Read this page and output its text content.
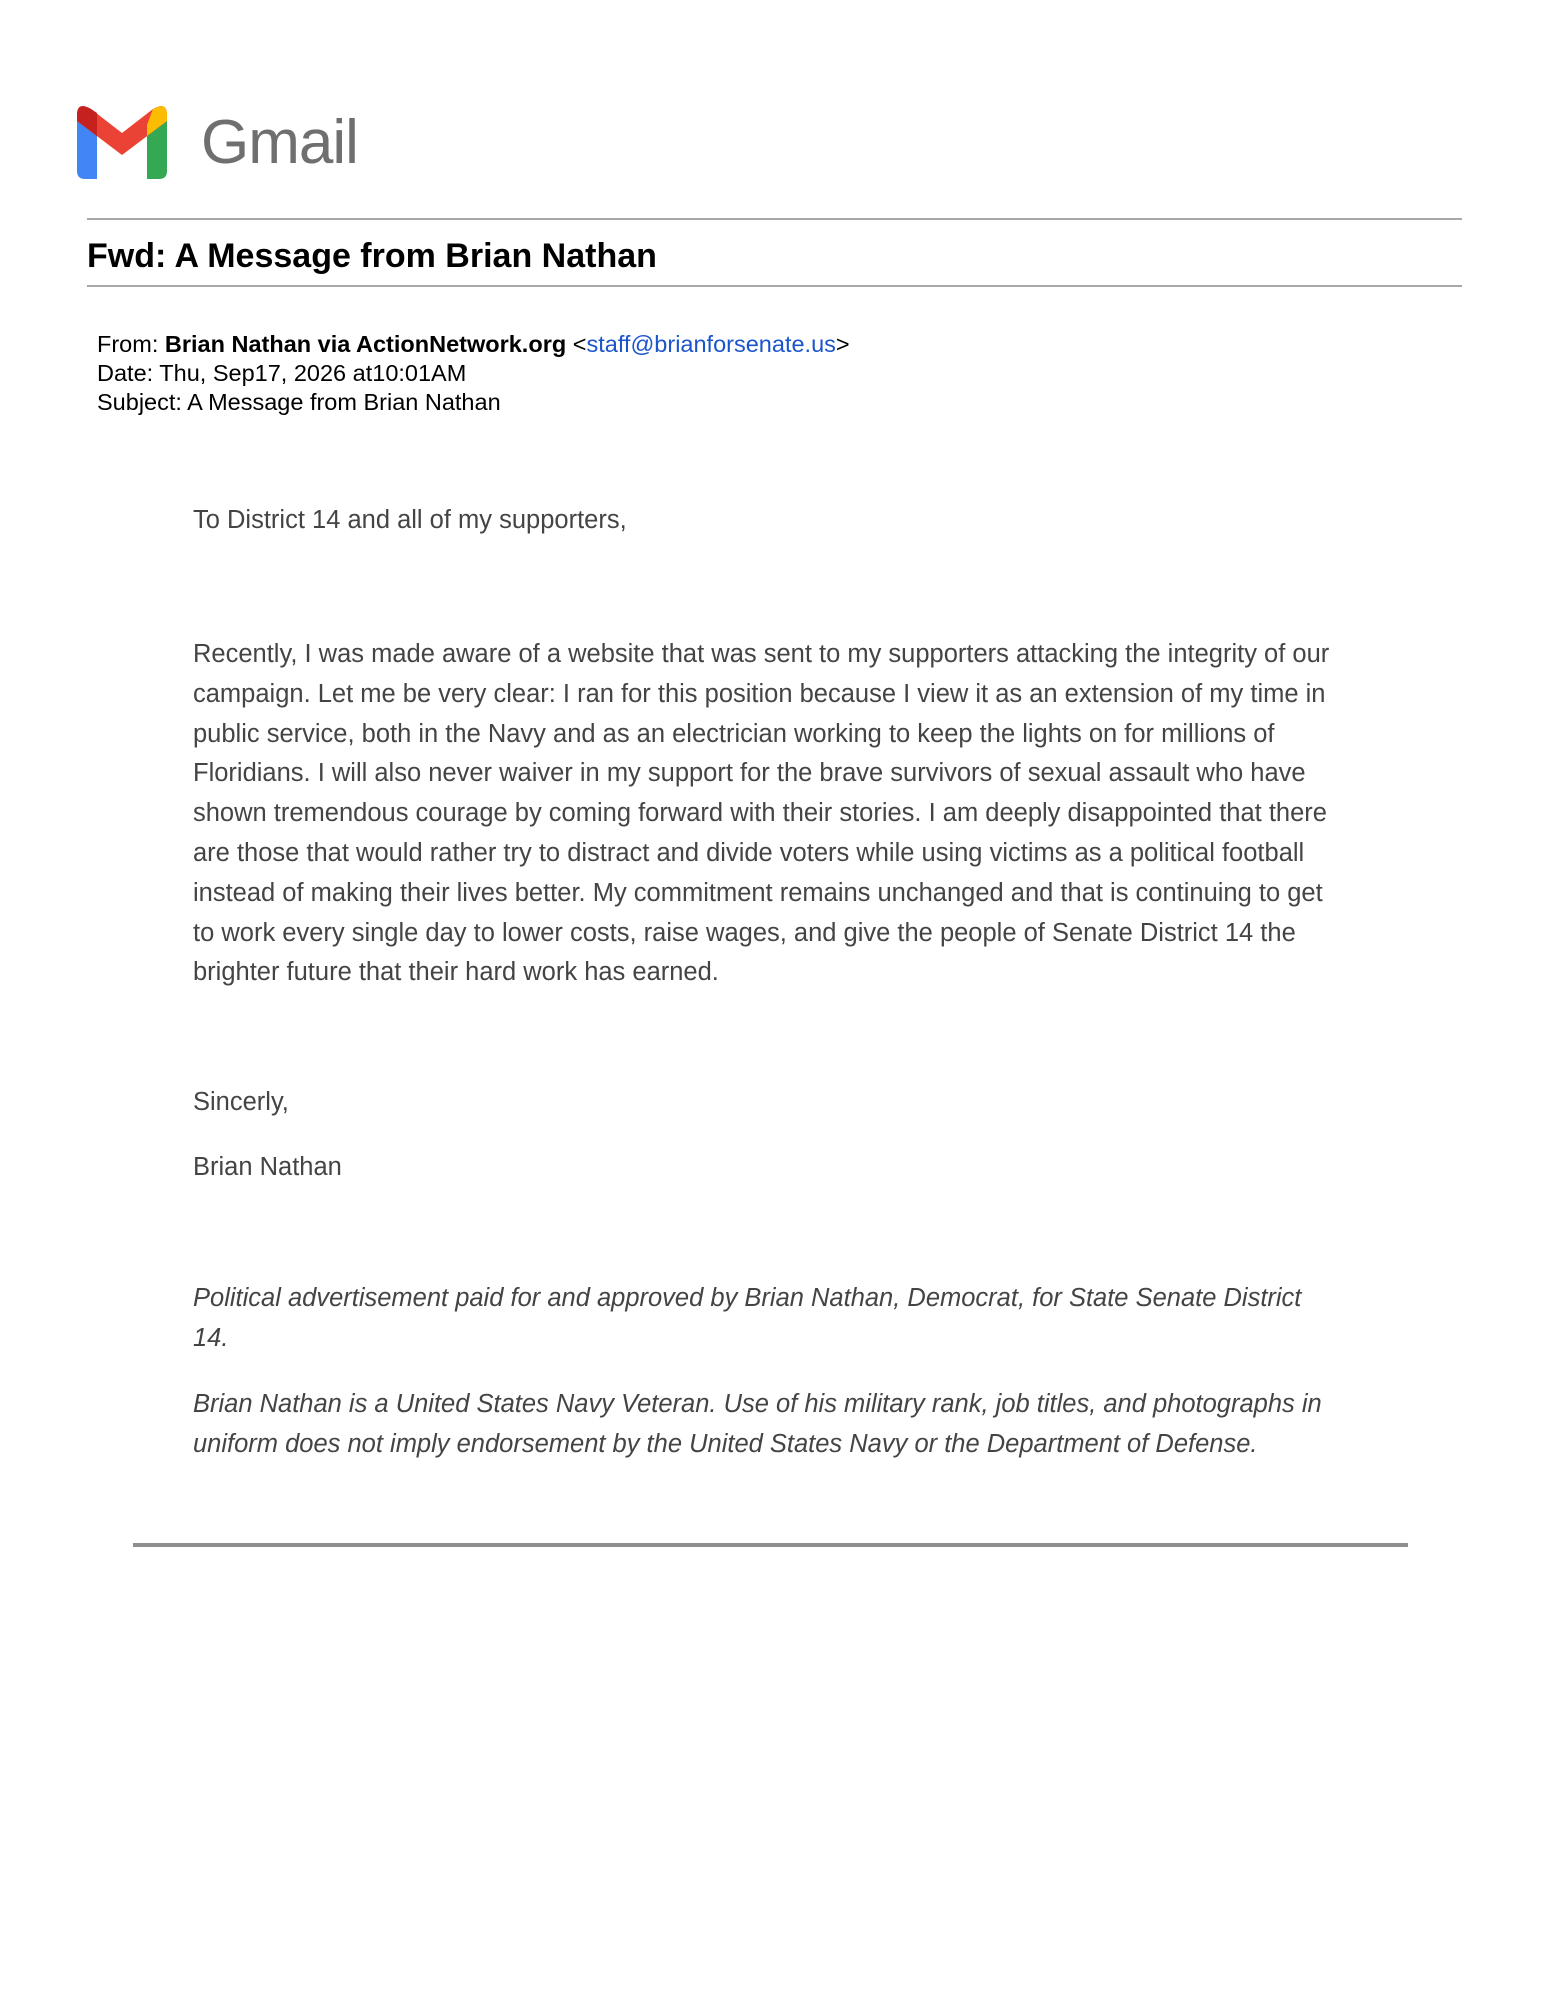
Gmail
Fwd: A Message from Brian Nathan
From: Brian Nathan via ActionNetwork.org <staff@brianforsenate.us>
Date: Thu, Sep17, 2026 at10:01AM
Subject: A Message from Brian Nathan

To District 14 and all of my supporters,

Recently, I was made aware of a website that was sent to my supporters attacking the integrity of our campaign. Let me be very clear: I ran for this position because I view it as an extension of my time in public service, both in the Navy and as an electrician working to keep the lights on for millions of Floridians. I will also never waiver in my support for the brave survivors of sexual assault who have shown tremendous courage by coming forward with their stories. I am deeply disappointed that there are those that would rather try to distract and divide voters while using victims as a political football instead of making their lives better. My commitment remains unchanged and that is continuing to get to work every single day to lower costs, raise wages, and give the people of Senate District 14 the brighter future that their hard work has earned.

Sincerly,

Brian Nathan

Political advertisement paid for and approved by Brian Nathan, Democrat, for State Senate District 14.

Brian Nathan is a United States Navy Veteran. Use of his military rank, job titles, and photographs in uniform does not imply endorsement by the United States Navy or the Department of Defense.
